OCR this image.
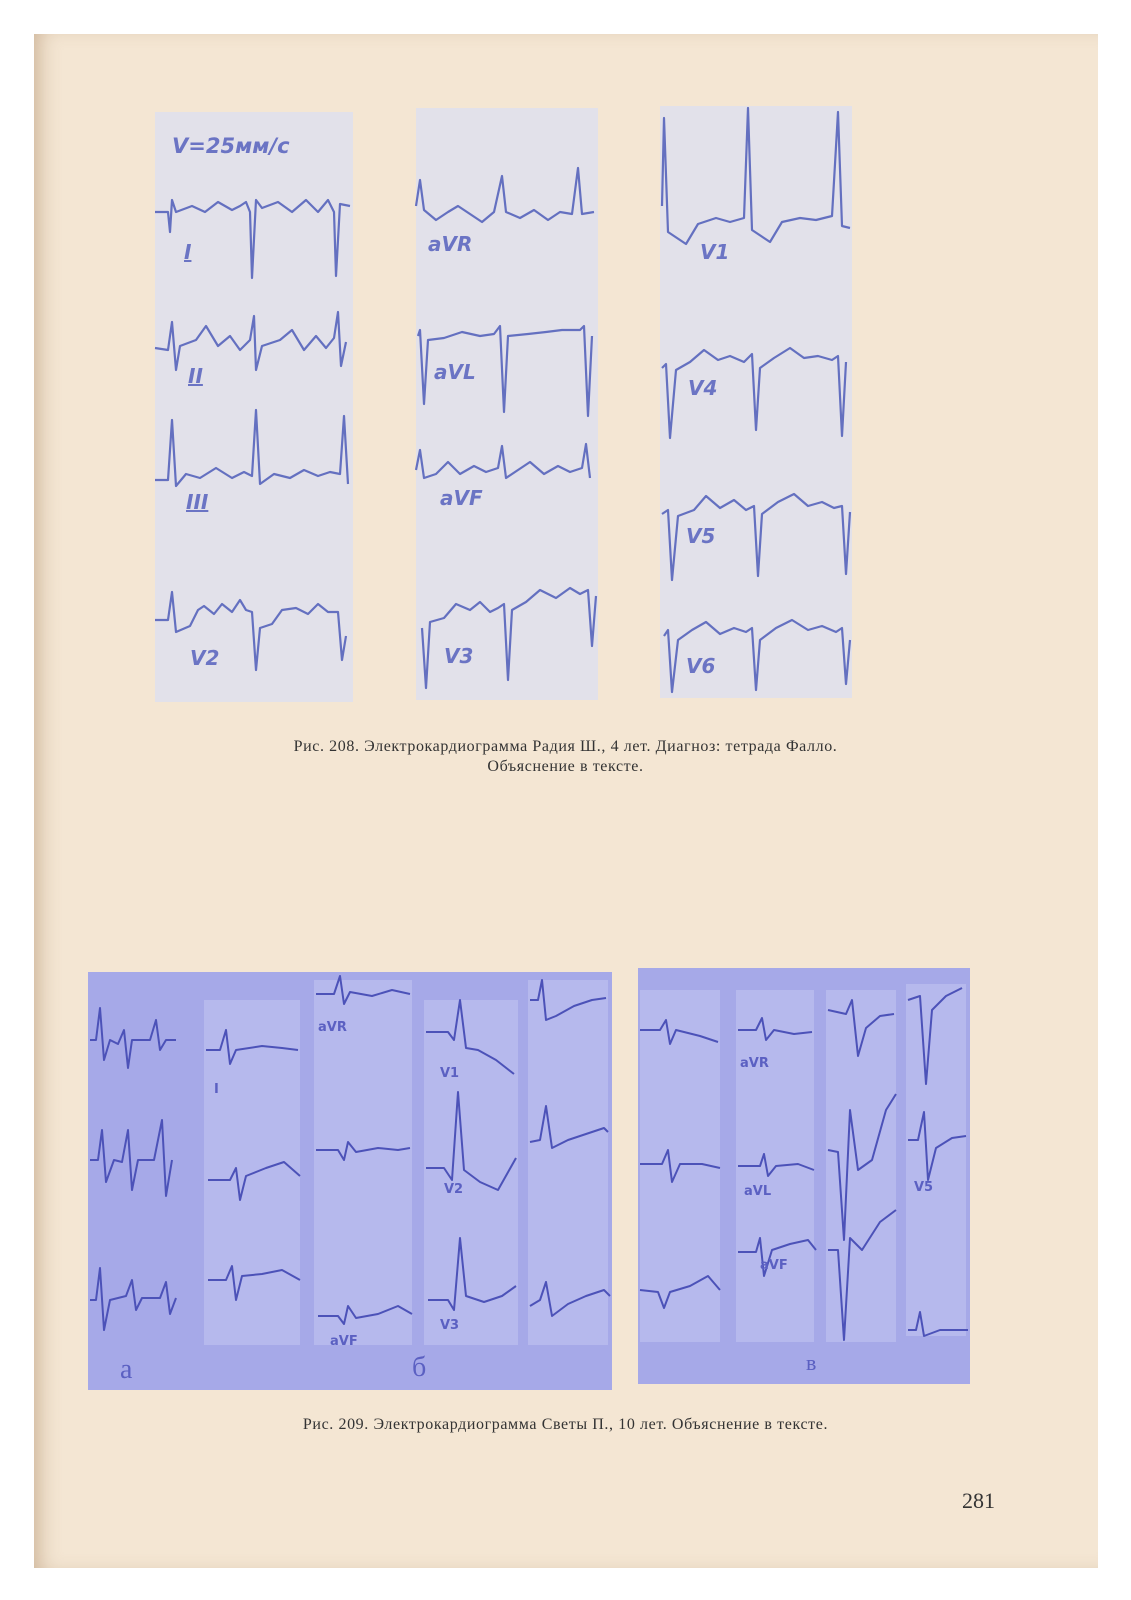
V=25мм/c
I
II
III
V2
aVR
aVL
aVF
V3
V1
V4
V5
V6
Рис. 208. Электрокардиограмма Радия Ш., 4 лет. Диагноз: тетрада Фалло.
Объяснение в тексте.
I
aVR
V1
V2
V3
aVF
aVL
aVF
aVR
V5
а	б	в
Рис. 209. Электрокардиограмма Светы П., 10 лет. Объяснение в тексте.
281
